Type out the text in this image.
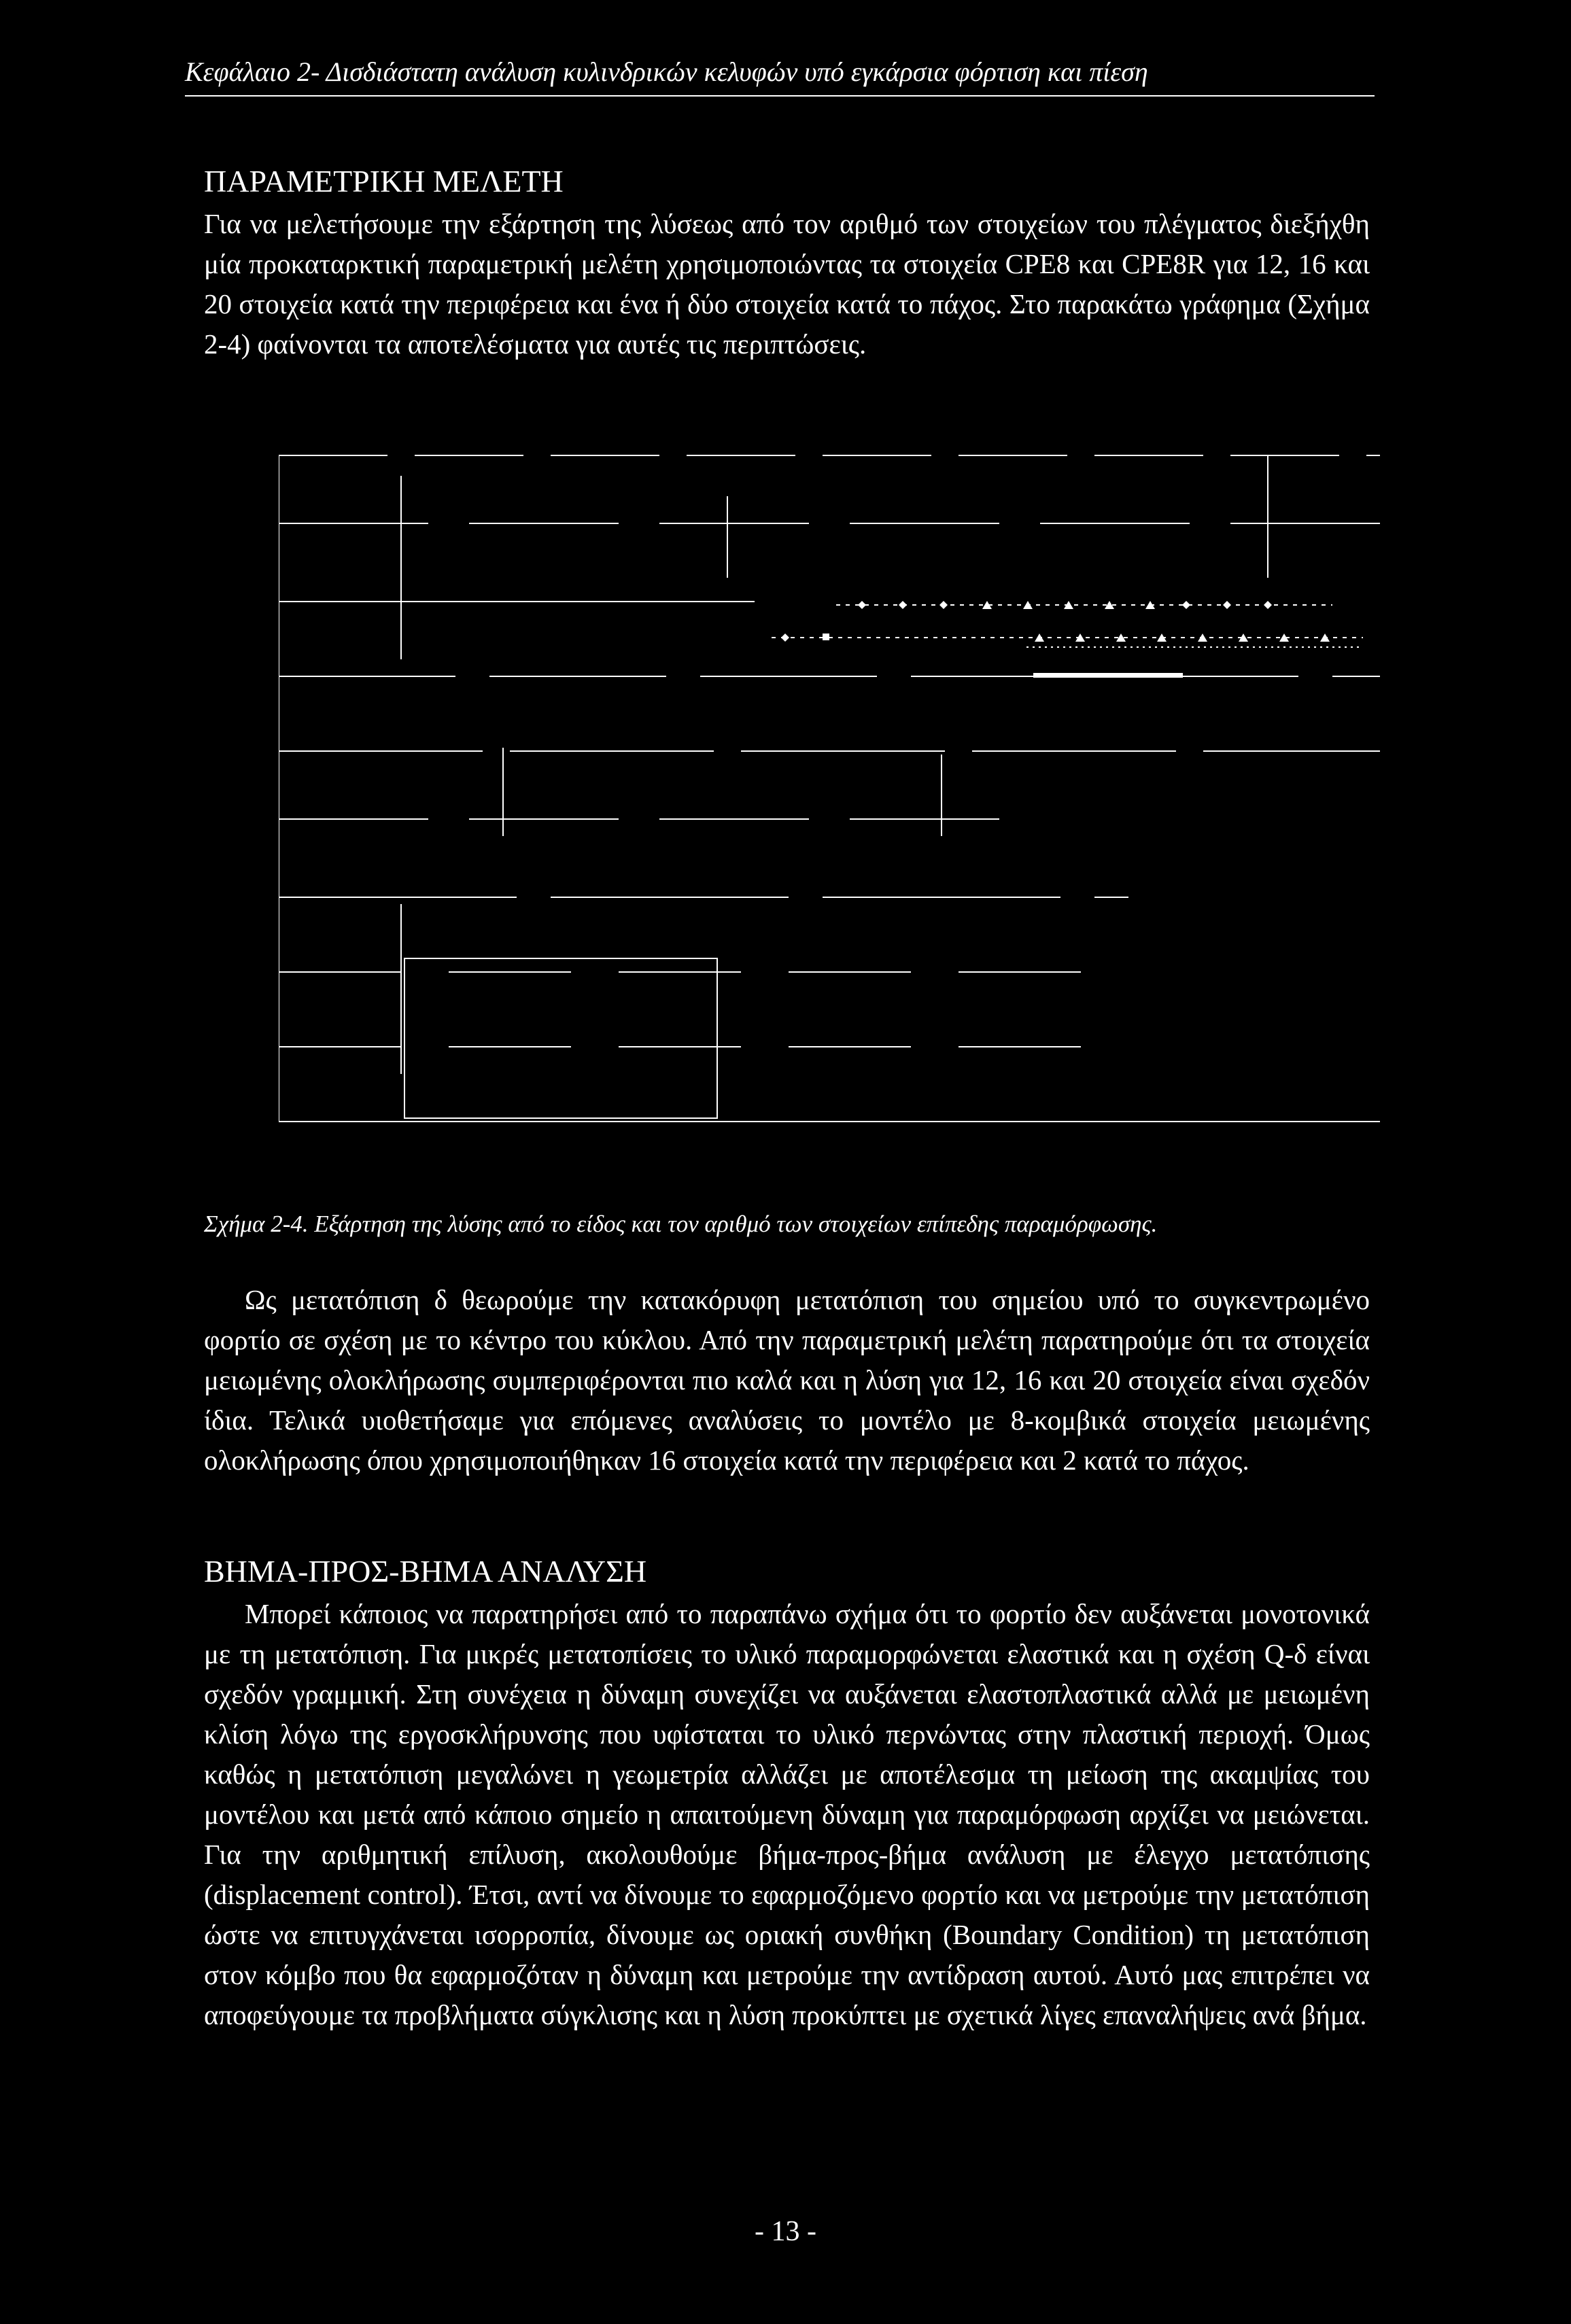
Κεφάλαιο 2- Δισδιάστατη ανάλυση κυλινδρικών κελυφών υπό εγκάρσια φόρτιση και πίεση
ΠΑΡΑΜΕΤΡΙΚΗ ΜΕΛΕΤΗ
Για να μελετήσουμε την εξάρτηση της λύσεως από τον αριθμό των στοιχείων του πλέγματος διεξήχθη μία προκαταρκτική παραμετρική μελέτη χρησιμοποιώντας τα στοιχεία CPE8 και CPE8R για 12, 16 και 20 στοιχεία κατά την περιφέρεια και ένα ή δύο στοιχεία κατά το πάχος. Στο παρακάτω γράφημα (Σχήμα 2-4) φαίνονται τα αποτελέσματα για αυτές τις περιπτώσεις.
Σχήμα 2-4. Εξάρτηση της λύσης από το είδος και τον αριθμό των στοιχείων επίπεδης παραμόρφωσης.
Ως μετατόπιση δ θεωρούμε την κατακόρυφη μετατόπιση του σημείου υπό το συγκεντρωμένο φορτίο σε σχέση με το κέντρο του κύκλου. Από την παραμετρική μελέτη παρατηρούμε ότι τα στοιχεία μειωμένης ολοκλήρωσης συμπεριφέρονται πιο καλά και η λύση για 12, 16 και 20 στοιχεία είναι σχεδόν ίδια. Τελικά υιοθετήσαμε για επόμενες αναλύσεις το μοντέλο με 8-κομβικά στοιχεία μειωμένης ολοκλήρωσης όπου χρησιμοποιήθηκαν 16 στοιχεία κατά την περιφέρεια και 2 κατά το πάχος.
ΒΗΜΑ-ΠΡΟΣ-ΒΗΜΑ ΑΝΑΛΥΣΗ
Μπορεί κάποιος να παρατηρήσει από το παραπάνω σχήμα ότι το φορτίο δεν αυξάνεται μονοτονικά με τη μετατόπιση. Για μικρές μετατοπίσεις το υλικό παραμορφώνεται ελαστικά και η σχέση Q-δ είναι σχεδόν γραμμική. Στη συνέχεια η δύναμη συνεχίζει να αυξάνεται ελαστοπλαστικά αλλά με μειωμένη κλίση λόγω της εργοσκλήρυνσης που υφίσταται το υλικό περνώντας στην πλαστική περιοχή. Όμως καθώς η μετατόπιση μεγαλώνει η γεωμετρία αλλάζει με αποτέλεσμα τη μείωση της ακαμψίας του μοντέλου και μετά από κάποιο σημείο η απαιτούμενη δύναμη για παραμόρφωση αρχίζει να μειώνεται. Για την αριθμητική επίλυση, ακολουθούμε βήμα-προς-βήμα ανάλυση με έλεγχο μετατόπισης (displacement control). Έτσι, αντί να δίνουμε το εφαρμοζόμενο φορτίο και να μετρούμε την μετατόπιση ώστε να επιτυγχάνεται ισορροπία, δίνουμε ως οριακή συνθήκη (Boundary Condition) τη μετατόπιση στον κόμβο που θα εφαρμοζόταν η δύναμη και μετρούμε την αντίδραση αυτού. Αυτό μας επιτρέπει να αποφεύγουμε τα προβλήματα σύγκλισης και η λύση προκύπτει με σχετικά λίγες επαναλήψεις ανά βήμα.
- 13 -
